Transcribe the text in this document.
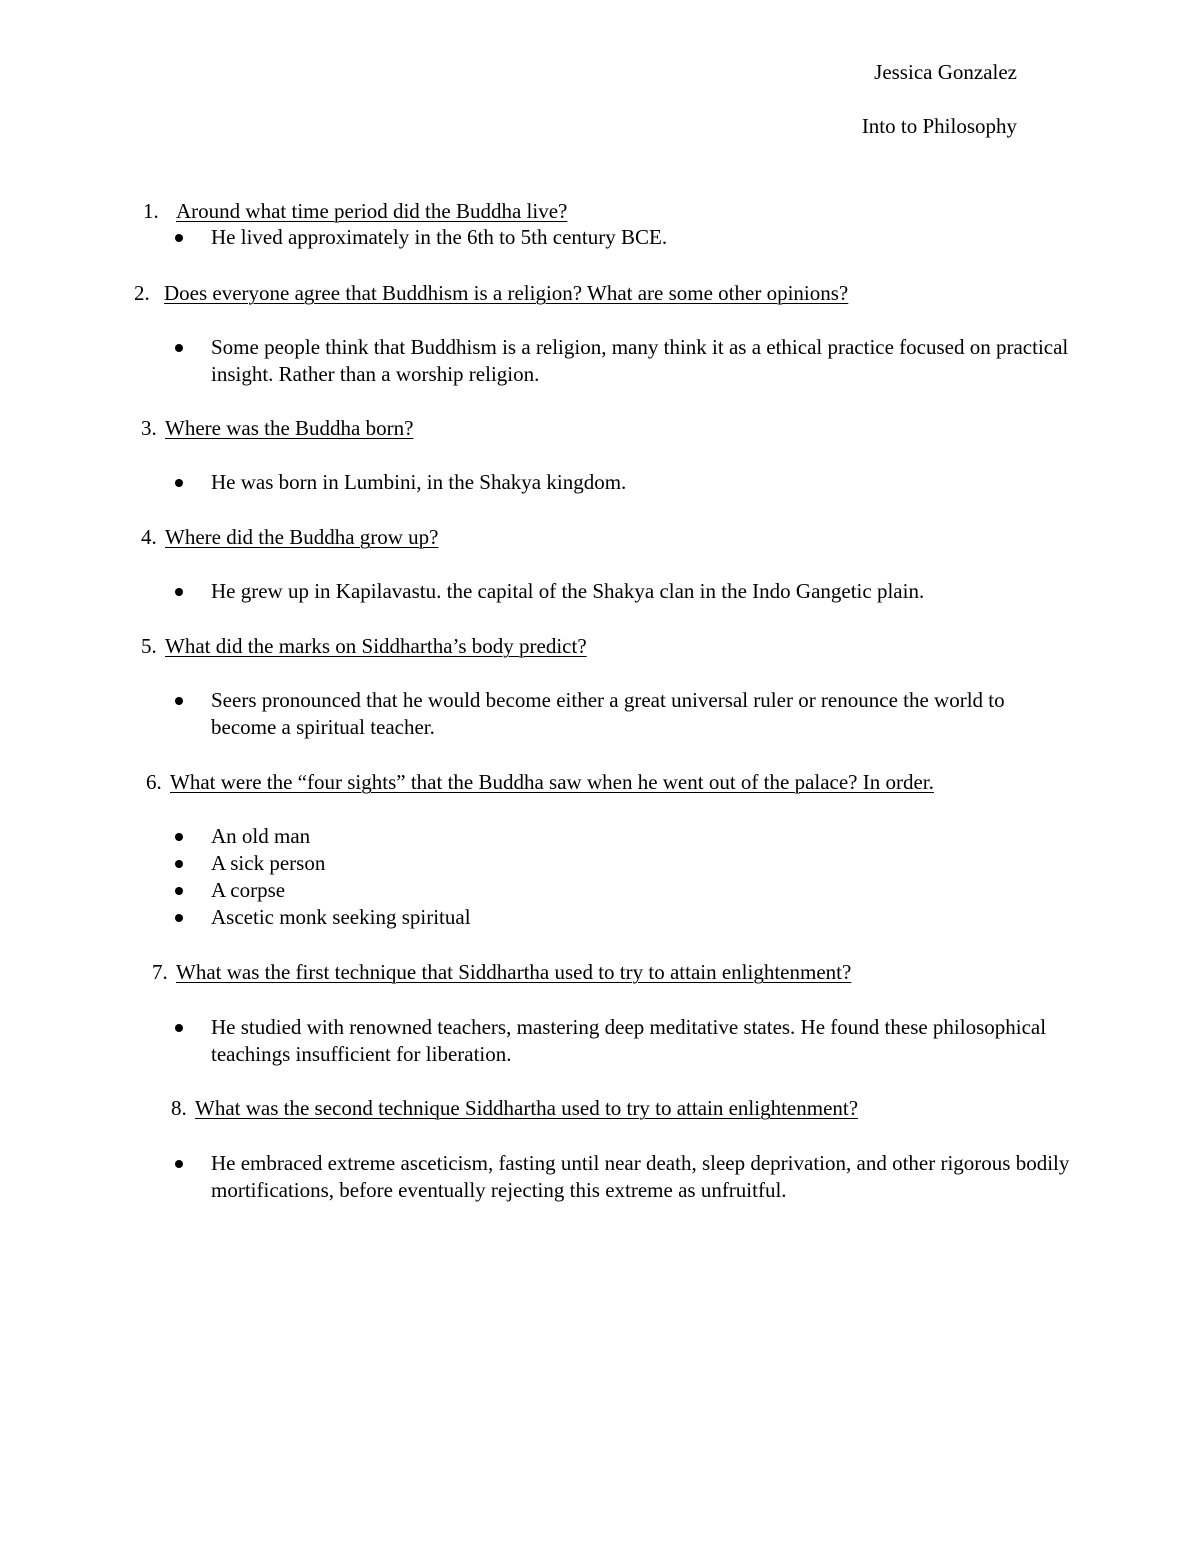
Jessica Gonzalez
Into to Philosophy
1. Around what time period did the Buddha live?
He lived approximately in the 6th to 5th century BCE.
2. Does everyone agree that Buddhism is a religion? What are some other opinions?
Some people think that Buddhism is a religion, many think it as a ethical practice focused on practical insight. Rather than a worship religion.
3. Where was the Buddha born?
He was born in Lumbini, in the Shakya kingdom.
4. Where did the Buddha grow up?
He grew up in Kapilavastu. the capital of the Shakya clan in the Indo Gangetic plain.
5. What did the marks on Siddhartha’s body predict?
Seers pronounced that he would become either a great universal ruler or renounce the world to become a spiritual teacher.
6. What were the “four sights” that the Buddha saw when he went out of the palace? In order.
An old man
A sick person
A corpse
Ascetic monk seeking spiritual
7. What was the first technique that Siddhartha used to try to attain enlightenment?
He studied with renowned teachers, mastering deep meditative states. He found these philosophical teachings insufficient for liberation.
8. What was the second technique Siddhartha used to try to attain enlightenment?
He embraced extreme asceticism, fasting until near death, sleep deprivation, and other rigorous bodily mortifications, before eventually rejecting this extreme as unfruitful.
